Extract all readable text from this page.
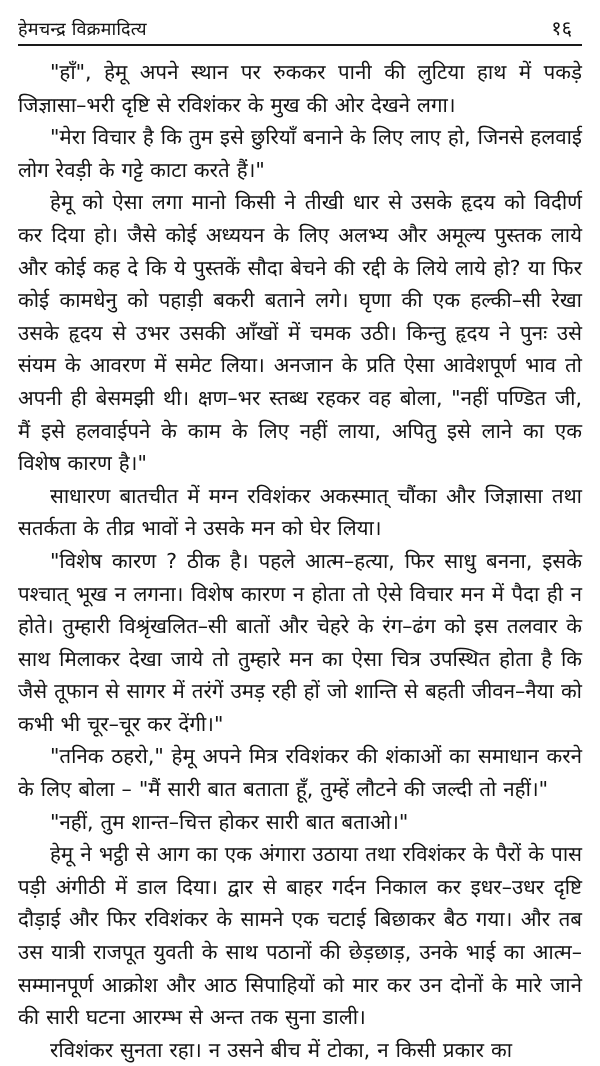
हेमचन्द्र विक्रमादित्य	१६

"हाँ", हेमू अपने स्थान पर रुककर पानी की लुटिया हाथ में पकड़े जिज्ञासा–भरी दृष्टि से रविशंकर के मुख की ओर देखने लगा।

"मेरा विचार है कि तुम इसे छुरियाँ बनाने के लिए लाए हो, जिनसे हलवाई लोग रेवड़ी के गट्टे काटा करते हैं।"

हेमू को ऐसा लगा मानो किसी ने तीखी धार से उसके हृदय को विदीर्ण कर दिया हो। जैसे कोई अध्ययन के लिए अलभ्य और अमूल्य पुस्तक लाये और कोई कह दे कि ये पुस्तकें सौदा बेचने की रद्दी के लिये लाये हो? या फिर कोई कामधेनु को पहाड़ी बकरी बताने लगे। घृणा की एक हल्की–सी रेखा उसके हृदय से उभर उसकी आँखों में चमक उठी। किन्तु हृदय ने पुनः उसे संयम के आवरण में समेट लिया। अनजान के प्रति ऐसा आवेशपूर्ण भाव तो अपनी ही बेसमझी थी। क्षण–भर स्तब्ध रहकर वह बोला, "नहीं पण्डित जी, मैं इसे हलवाईपने के काम के लिए नहीं लाया, अपितु इसे लाने का एक विशेष कारण है।"

साधारण बातचीत में मग्न रविशंकर अकस्मात् चौंका और जिज्ञासा तथा सतर्कता के तीव्र भावों ने उसके मन को घेर लिया।

"विशेष कारण ? ठीक है। पहले आत्म–हत्या, फिर साधु बनना, इसके पश्चात् भूख न लगना। विशेष कारण न होता तो ऐसे विचार मन में पैदा ही न होते। तुम्हारी विश्रृंखलित–सी बातों और चेहरे के रंग–ढंग को इस तलवार के साथ मिलाकर देखा जाये तो तुम्हारे मन का ऐसा चित्र उपस्थित होता है कि जैसे तूफान से सागर में तरंगें उमड़ रही हों जो शान्ति से बहती जीवन–नैया को कभी भी चूर–चूर कर देंगी।"

"तनिक ठहरो," हेमू अपने मित्र रविशंकर की शंकाओं का समाधान करने के लिए बोला – "मैं सारी बात बताता हूँ, तुम्हें लौटने की जल्दी तो नहीं।"

"नहीं, तुम शान्त–चित्त होकर सारी बात बताओ।"

हेमू ने भट्ठी से आग का एक अंगारा उठाया तथा रविशंकर के पैरों के पास पड़ी अंगीठी में डाल दिया। द्वार से बाहर गर्दन निकाल कर इधर–उधर दृष्टि दौड़ाई और फिर रविशंकर के सामने एक चटाई बिछाकर बैठ गया। और तब उस यात्री राजपूत युवती के साथ पठानों की छेड़छाड़, उनके भाई का आत्म–सम्मानपूर्ण आक्रोश और आठ सिपाहियों को मार कर उन दोनों के मारे जाने की सारी घटना आरम्भ से अन्त तक सुना डाली।

रविशंकर सुनता रहा। न उसने बीच में टोका, न किसी प्रकार का
